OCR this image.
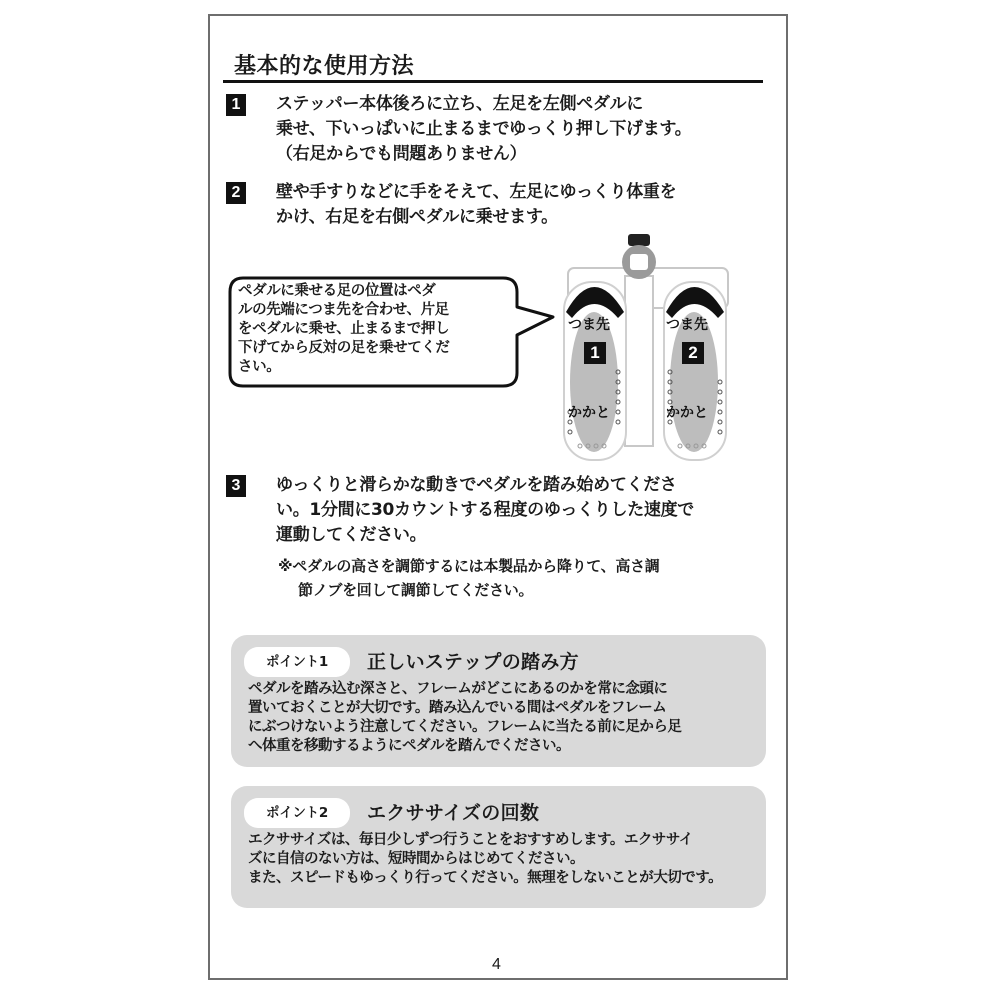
基本的な使用方法
1	ステッパー本体後ろに立ち、左足を左側ペダルに
乗せ、下いっぱいに止まるまでゆっくり押し下げます。
（右足からでも問題ありません）
2	壁や手すりなどに手をそえて、左足にゆっくり体重を
かけ、右足を右側ペダルに乗せます。
ペダルに乗せる足の位置はペダ
ルの先端につま先を合わせ、片足
をペダルに乗せ、止まるまで押し
下げてから反対の足を乗せてくだ
さい。
つま先
1
かかと
つま先
2
かかと
3	ゆっくりと滑らかな動きでペダルを踏み始めてくださ
い。1分間に30カウントする程度のゆっくりした速度で
運動してください。
※ペダルの高さを調節するには本製品から降りて、高さ調
節ノブを回して調節してください。
ポイント1	正しいステップの踏み方
ペダルを踏み込む深さと、フレームがどこにあるのかを常に念頭に
置いておくことが大切です。踏み込んでいる間はペダルをフレーム
にぶつけないよう注意してください。フレームに当たる前に足から足
へ体重を移動するようにペダルを踏んでください。
ポイント2	エクササイズの回数
エクササイズは、毎日少しずつ行うことをおすすめします。エクササイ
ズに自信のない方は、短時間からはじめてください。
また、スピードもゆっくり行ってください。無理をしないことが大切です。
4
